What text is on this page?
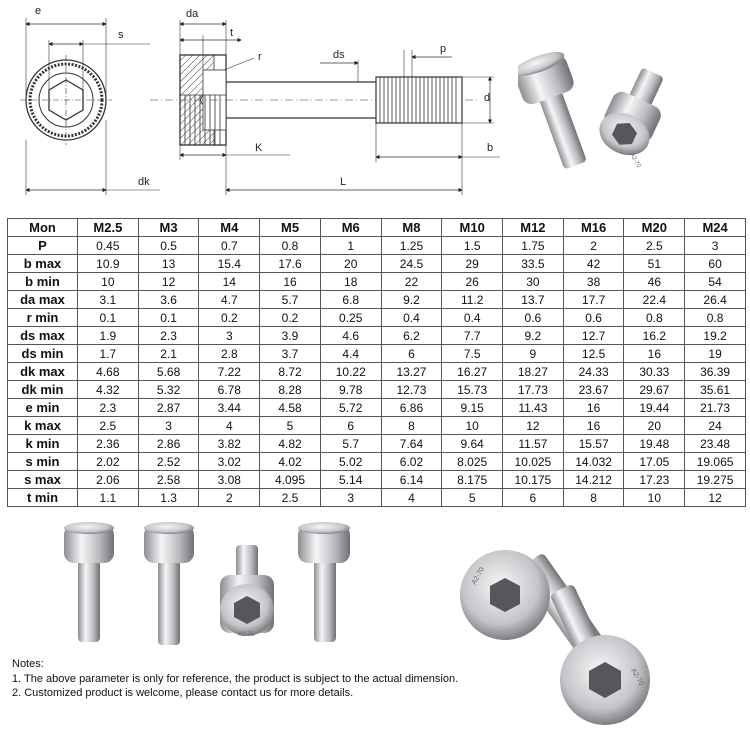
e
s
dk
da
t
r
K
ds	p
d
b
L
A2-70
Mon	M2.5	M3	M4	M5	M6	M8	M10	M12	M16	M20	M24
P	0.45	0.5	0.7	0.8	1	1.25	1.5	1.75	2	2.5	3
b max	10.9	13	15.4	17.6	20	24.5	29	33.5	42	51	60
b min	10	12	14	16	18	22	26	30	38	46	54
da max	3.1	3.6	4.7	5.7	6.8	9.2	11.2	13.7	17.7	22.4	26.4
r min	0.1	0.1	0.2	0.2	0.25	0.4	0.4	0.6	0.6	0.8	0.8
ds max	1.9	2.3	3	3.9	4.6	6.2	7.7	9.2	12.7	16.2	19.2
ds min	1.7	2.1	2.8	3.7	4.4	6	7.5	9	12.5	16	19
dk max	4.68	5.68	7.22	8.72	10.22	13.27	16.27	18.27	24.33	30.33	36.39
dk min	4.32	5.32	6.78	8.28	9.78	12.73	15.73	17.73	23.67	29.67	35.61
e min	2.3	2.87	3.44	4.58	5.72	6.86	9.15	11.43	16	19.44	21.73
k max	2.5	3	4	5	6	8	10	12	16	20	24
k min	2.36	2.86	3.82	4.82	5.7	7.64	9.64	11.57	15.57	19.48	23.48
s min	2.02	2.52	3.02	4.02	5.02	6.02	8.025	10.025	14.032	17.05	19.065
s max	2.06	2.58	3.08	4.095	5.14	6.14	8.175	10.175	14.212	17.23	19.275
t min	1.1	1.3	2	2.5	3	4	5	6	8	10	12
A2-70
A2-70
A2-70
Notes:
1. The above parameter is only for reference, the product is subject to the actual dimension.
2. Customized product is welcome, please contact us for more details.
